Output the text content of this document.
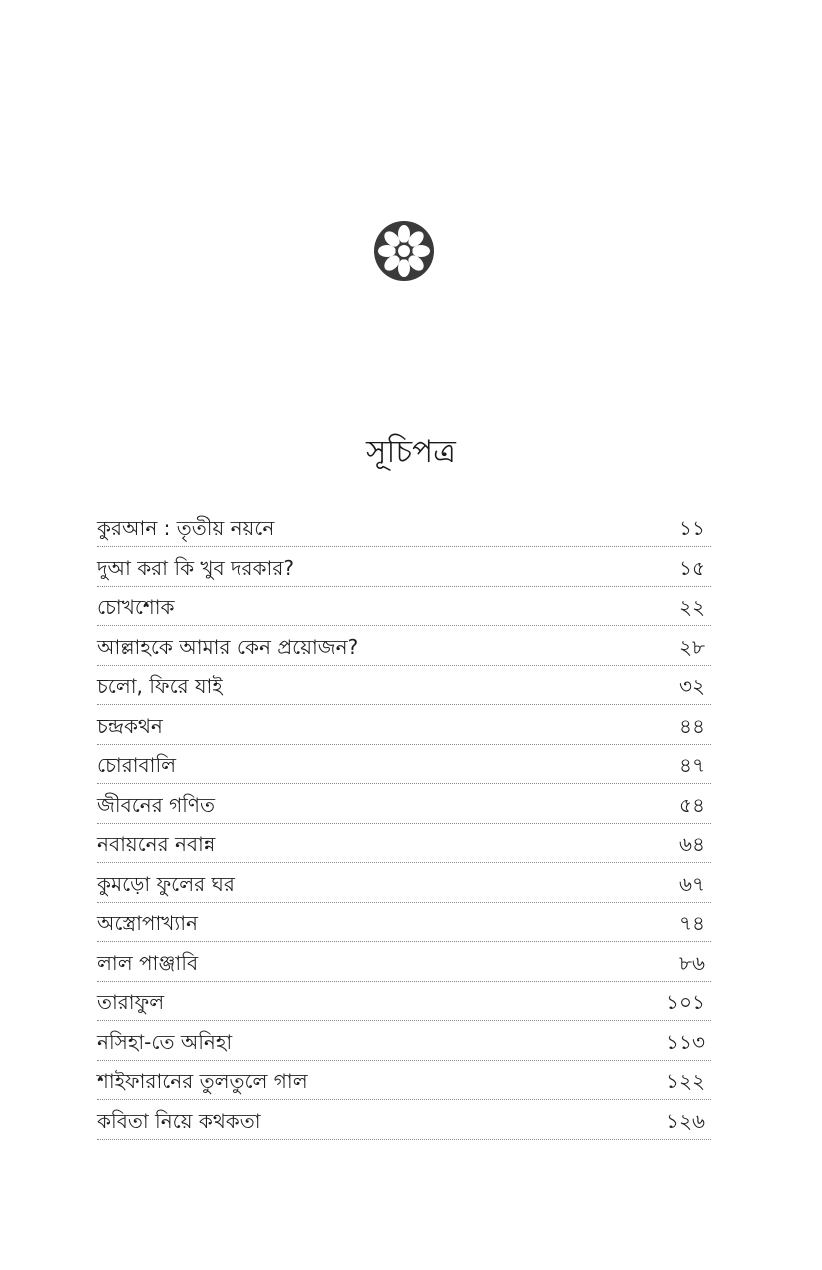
সূচিপত্র
কুরআন : তৃতীয় নয়নে	১১
দুআ করা কি খুব দরকার?	১৫
চোখশোক	২২
আল্লাহকে আমার কেন প্রয়োজন?	২৮
চলো, ফিরে যাই	৩২
চন্দ্রকথন	৪৪
চোরাবালি	৪৭
জীবনের গণিত	৫৪
নবায়নের নবান্ন	৬৪
কুমড়ো ফুলের ঘর	৬৭
অস্ত্রোপাখ্যান	৭৪
লাল পাঞ্জাবি	৮৬
তারাফুল	১০১
নসিহা-তে অনিহা	১১৩
শাইফারানের তুলতুলে গাল	১২২
কবিতা নিয়ে কথকতা	১২৬
